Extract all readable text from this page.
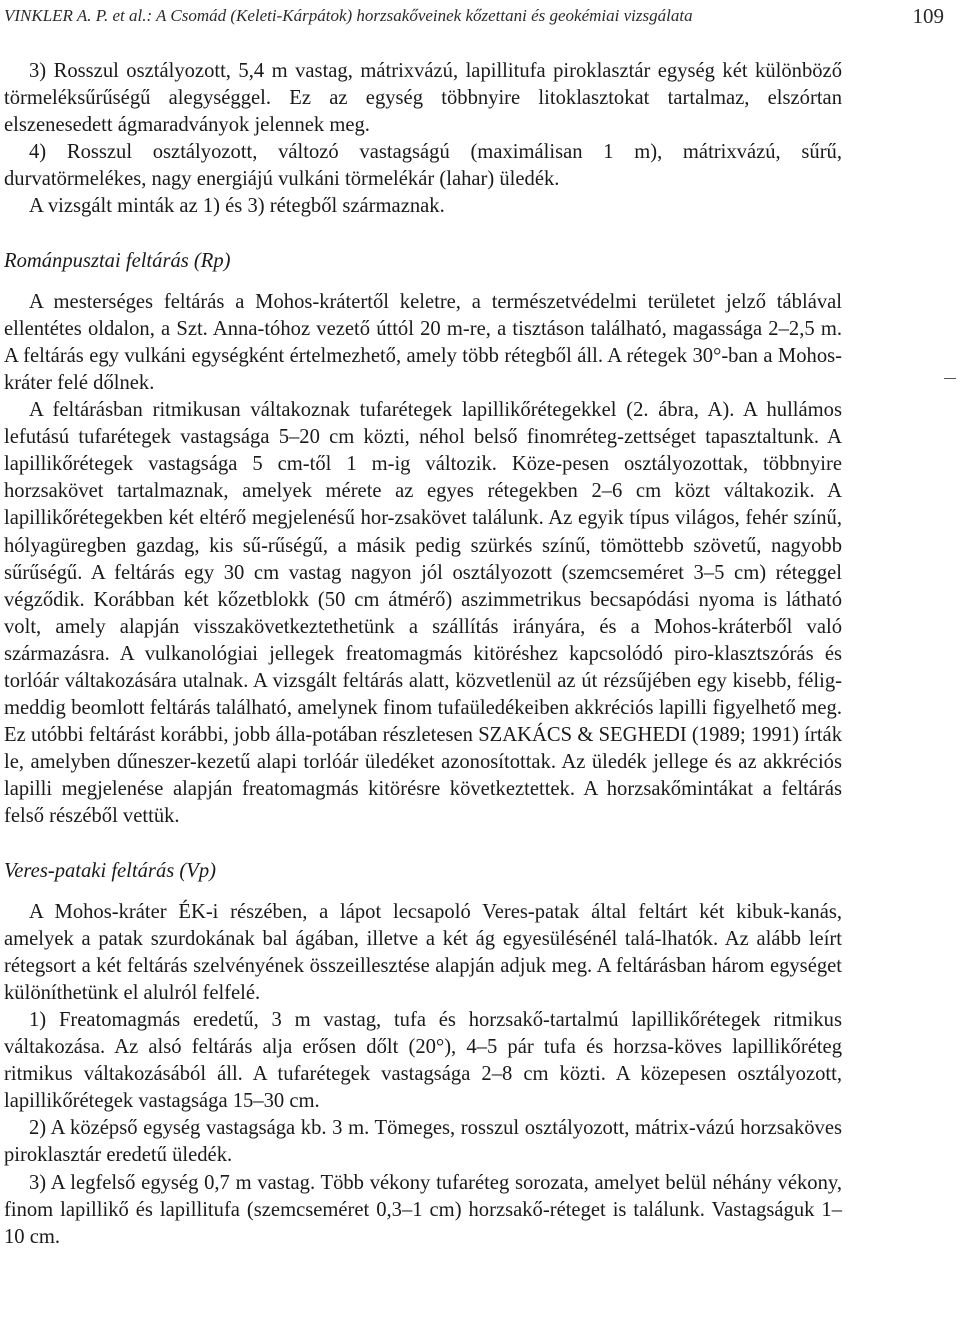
VINKLER A. P. et al.: A Csomád (Keleti-Kárpátok) horzsakőveinek kőzettani és geokémiai vizsgálata	109

3) Rosszul osztályozott, 5,4 m vastag, mátrixvázú, lapillitufa piroklasztár egység két különböző törmeléksűrűségű alegységgel. Ez az egység többnyire litoklasztokat tartalmaz, elszórtan elszenesedett ágmaradványok jelennek meg.

4) Rosszul osztályozott, változó vastagságú (maximálisan 1 m), mátrixvázú, sűrű, durvatörmelékes, nagy energiájú vulkáni törmelékár (lahar) üledék.

A vizsgált minták az 1) és 3) rétegből származnak.

Románpusztai feltárás (Rp)

A mesterséges feltárás a Mohos-krátertől keletre, a természetvédelmi területet jelző táblával ellentétes oldalon, a Szt. Anna-tóhoz vezető úttól 20 m-re, a tisztáson található, magassága 2–2,5 m. A feltárás egy vulkáni egységként értelmezhető, amely több rétegből áll. A rétegek 30°-ban a Mohos-kráter felé dőlnek.

A feltárásban ritmikusan váltakoznak tufarétegek lapillikőrétegekkel (2. ábra, A). A hullámos lefutású tufarétegek vastagsága 5–20 cm közti, néhol belső finomréteg-zettséget tapasztaltunk. A lapillikőrétegek vastagsága 5 cm-től 1 m-ig változik. Köze-pesen osztályozottak, többnyire horzsakövet tartalmaznak, amelyek mérete az egyes rétegekben 2–6 cm közt váltakozik. A lapillikőrétegekben két eltérő megjelenésű hor-zsakövet találunk. Az egyik típus világos, fehér színű, hólyagüregben gazdag, kis sű-rűségű, a másik pedig szürkés színű, tömöttebb szövetű, nagyobb sűrűségű. A feltárás egy 30 cm vastag nagyon jól osztályozott (szemcseméret 3–5 cm) réteggel végződik. Korábban két kőzetblokk (50 cm átmérő) aszimmetrikus becsapódási nyoma is látható volt, amely alapján visszakövetkeztethetünk a szállítás irányára, és a Mohos-kráterből való származásra. A vulkanológiai jellegek freatomagmás kitöréshez kapcsolódó piro-klasztszórás és torlóár váltakozására utalnak. A vizsgált feltárás alatt, közvetlenül az út rézsűjében egy kisebb, félig-meddig beomlott feltárás található, amelynek finom tufaüledékeiben akkréciós lapilli figyelhető meg. Ez utóbbi feltárást korábbi, jobb álla-potában részletesen SZAKÁCS & SEGHEDI (1989; 1991) írták le, amelyben dűneszer-kezetű alapi torlóár üledéket azonosítottak. Az üledék jellege és az akkréciós lapilli megjelenése alapján freatomagmás kitörésre következtettek. A horzsakőmintákat a feltárás felső részéből vettük.

Veres-pataki feltárás (Vp)

A Mohos-kráter ÉK-i részében, a lápot lecsapoló Veres-patak által feltárt két kibuk-kanás, amelyek a patak szurdokának bal ágában, illetve a két ág egyesülésénél talá-lhatók. Az alább leírt rétegsort a két feltárás szelvényének összeillesztése alapján adjuk meg. A feltárásban három egységet különíthetünk el alulról felfelé.

1) Freatomagmás eredetű, 3 m vastag, tufa és horzsakő-tartalmú lapillikőrétegek ritmikus váltakozása. Az alsó feltárás alja erősen dőlt (20°), 4–5 pár tufa és horzsa-köves lapillikőréteg ritmikus váltakozásából áll. A tufarétegek vastagsága 2–8 cm közti. A közepesen osztályozott, lapillikőrétegek vastagsága 15–30 cm.

2) A középső egység vastagsága kb. 3 m. Tömeges, rosszul osztályozott, mátrix-vázú horzsaköves piroklasztár eredetű üledék.

3) A legfelső egység 0,7 m vastag. Több vékony tufaréteg sorozata, amelyet belül néhány vékony, finom lapillikő és lapillitufa (szemcseméret 0,3–1 cm) horzsakő-réteget is találunk. Vastagságuk 1–10 cm.
